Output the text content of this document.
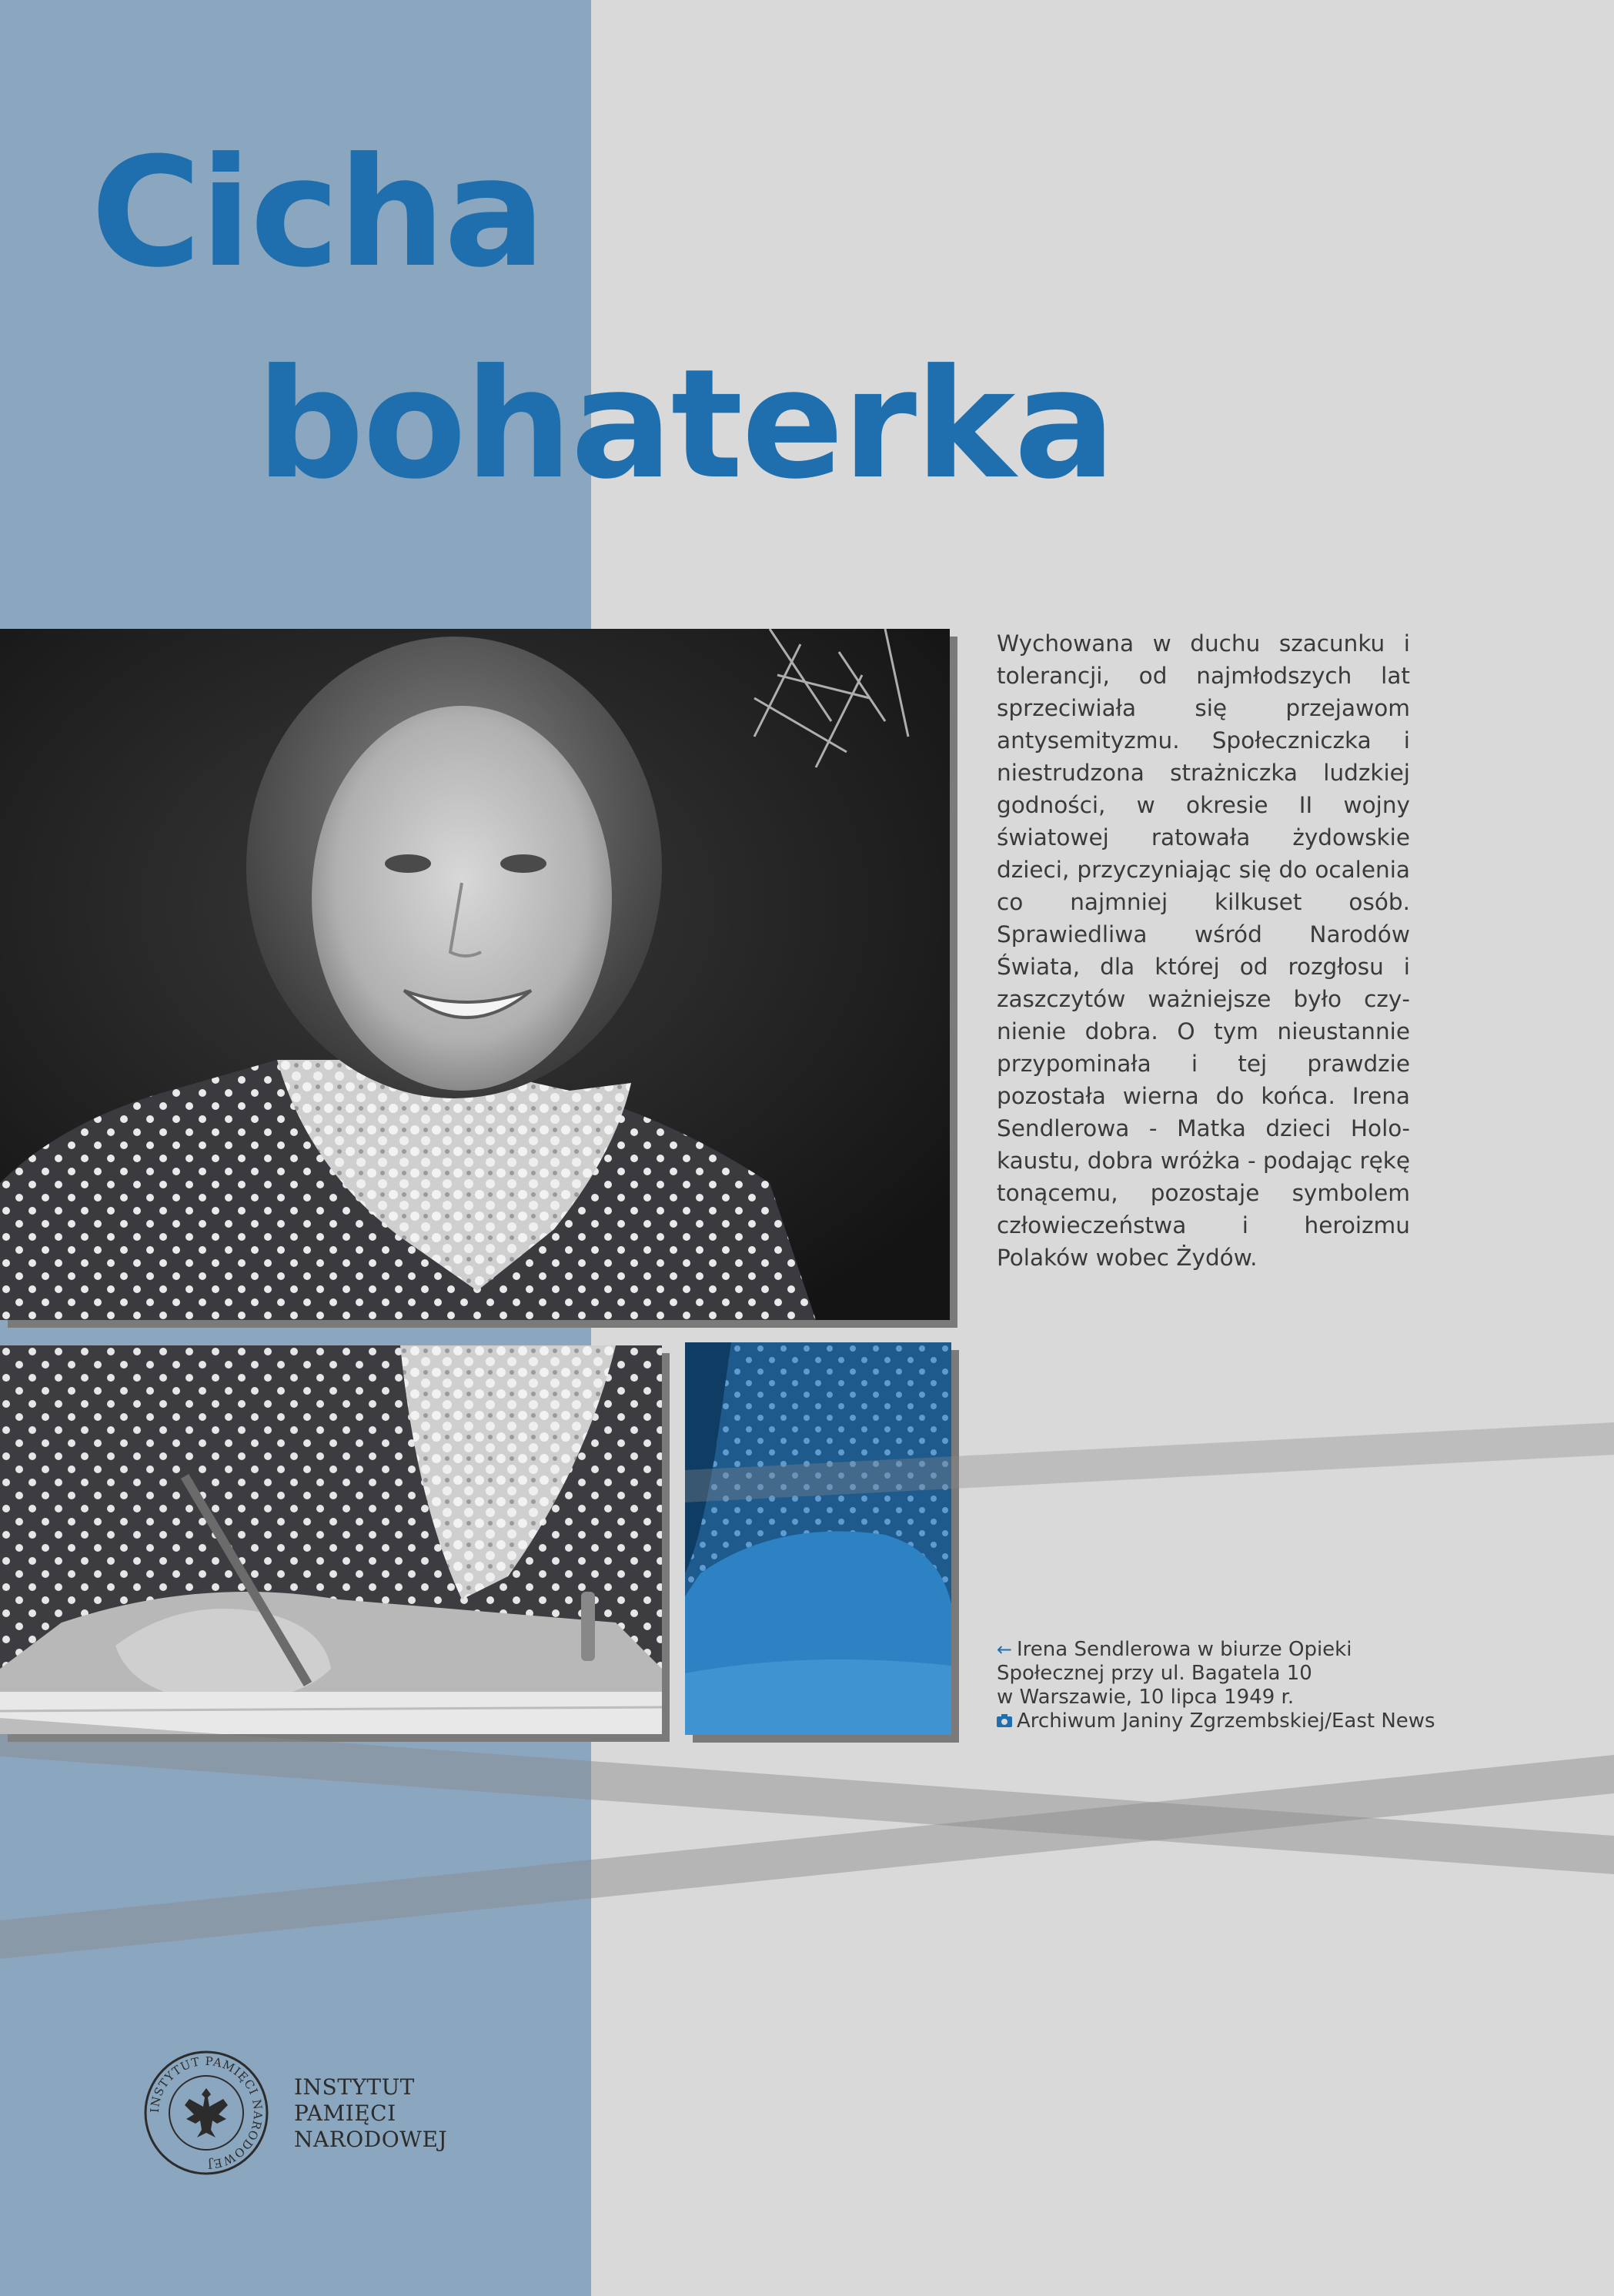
Cicha
bohaterka

Wychowana w duchu szacunku i tolerancji, od najmłodszych lat sprzeciwiała się przejawom antysemityzmu. Społeczniczka i niestrudzona strażniczka ludzkiej godności, w okresie II wojny światowej ratowała żydowskie dzieci, przyczyniając się do ocalenia co najmniej kilkuset osób. Sprawiedliwa wśród Narodów Świata, dla której od rozgłosu i zaszczytów ważniejsze było czynienie dobra. O tym nieustannie przypominała i tej prawdzie pozostała wierna do końca. Irena Sendlerowa - Matka dzieci Holokaustu, dobra wróżka - podając rękę tonącemu, pozostaje symbolem człowieczeństwa i heroizmu Polaków wobec Żydów.

← Irena Sendlerowa w biurze Opieki
Społecznej przy ul. Bagatela 10
w Warszawie, 10 lipca 1949 r.
Archiwum Janiny Zgrzembskiej/East News
INSTYTUT PAMIĘCI NARODOWEJ
INSTYTUT
PAMIĘCI
NARODOWEJ
